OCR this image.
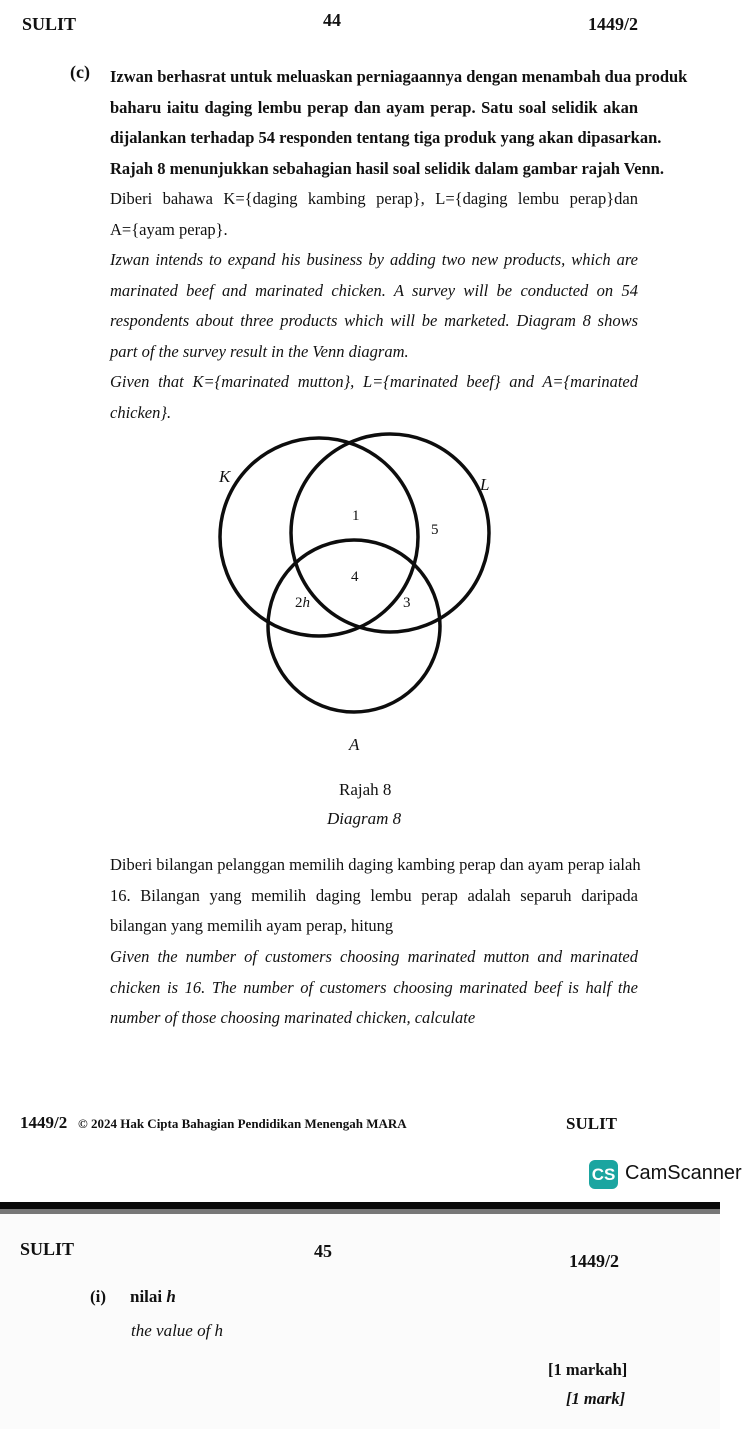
SULIT	44	1449/2
(c) Izwan berhasrat untuk meluaskan perniagaannya dengan menambah dua produk
baharu iaitu daging lembu perap dan ayam perap. Satu soal selidik akan
dijalankan terhadap 54 responden tentang tiga produk yang akan dipasarkan.
Rajah 8 menunjukkan sebahagian hasil soal selidik dalam gambar rajah Venn.
Diberi bahawa K={daging kambing perap}, L={daging lembu perap}dan
A={ayam perap}.
Izwan intends to expand his business by adding two new products, which are
marinated beef and marinated chicken. A survey will be conducted on 54
respondents about three products which will be marketed. Diagram 8 shows
part of the survey result in the Venn diagram.
Given that K={marinated mutton}, L={marinated beef} and A={marinated
chicken}.
K	L
A
1
5
4
2h	3
Rajah 8
Diagram 8
Diberi bilangan pelanggan memilih daging kambing perap dan ayam perap ialah
16. Bilangan yang memilih daging lembu perap adalah separuh daripada
bilangan yang memilih ayam perap, hitung
Given the number of customers choosing marinated mutton and marinated
chicken is 16. The number of customers choosing marinated beef is half the
number of those choosing marinated chicken, calculate
1449/2 © 2024 Hak Cipta Bahagian Pendidikan Menengah MARA	SULIT
CS CamScanner
SULIT	45	1449/2
(i) nilai h
the value of h
[1 markah]
[1 mark]
